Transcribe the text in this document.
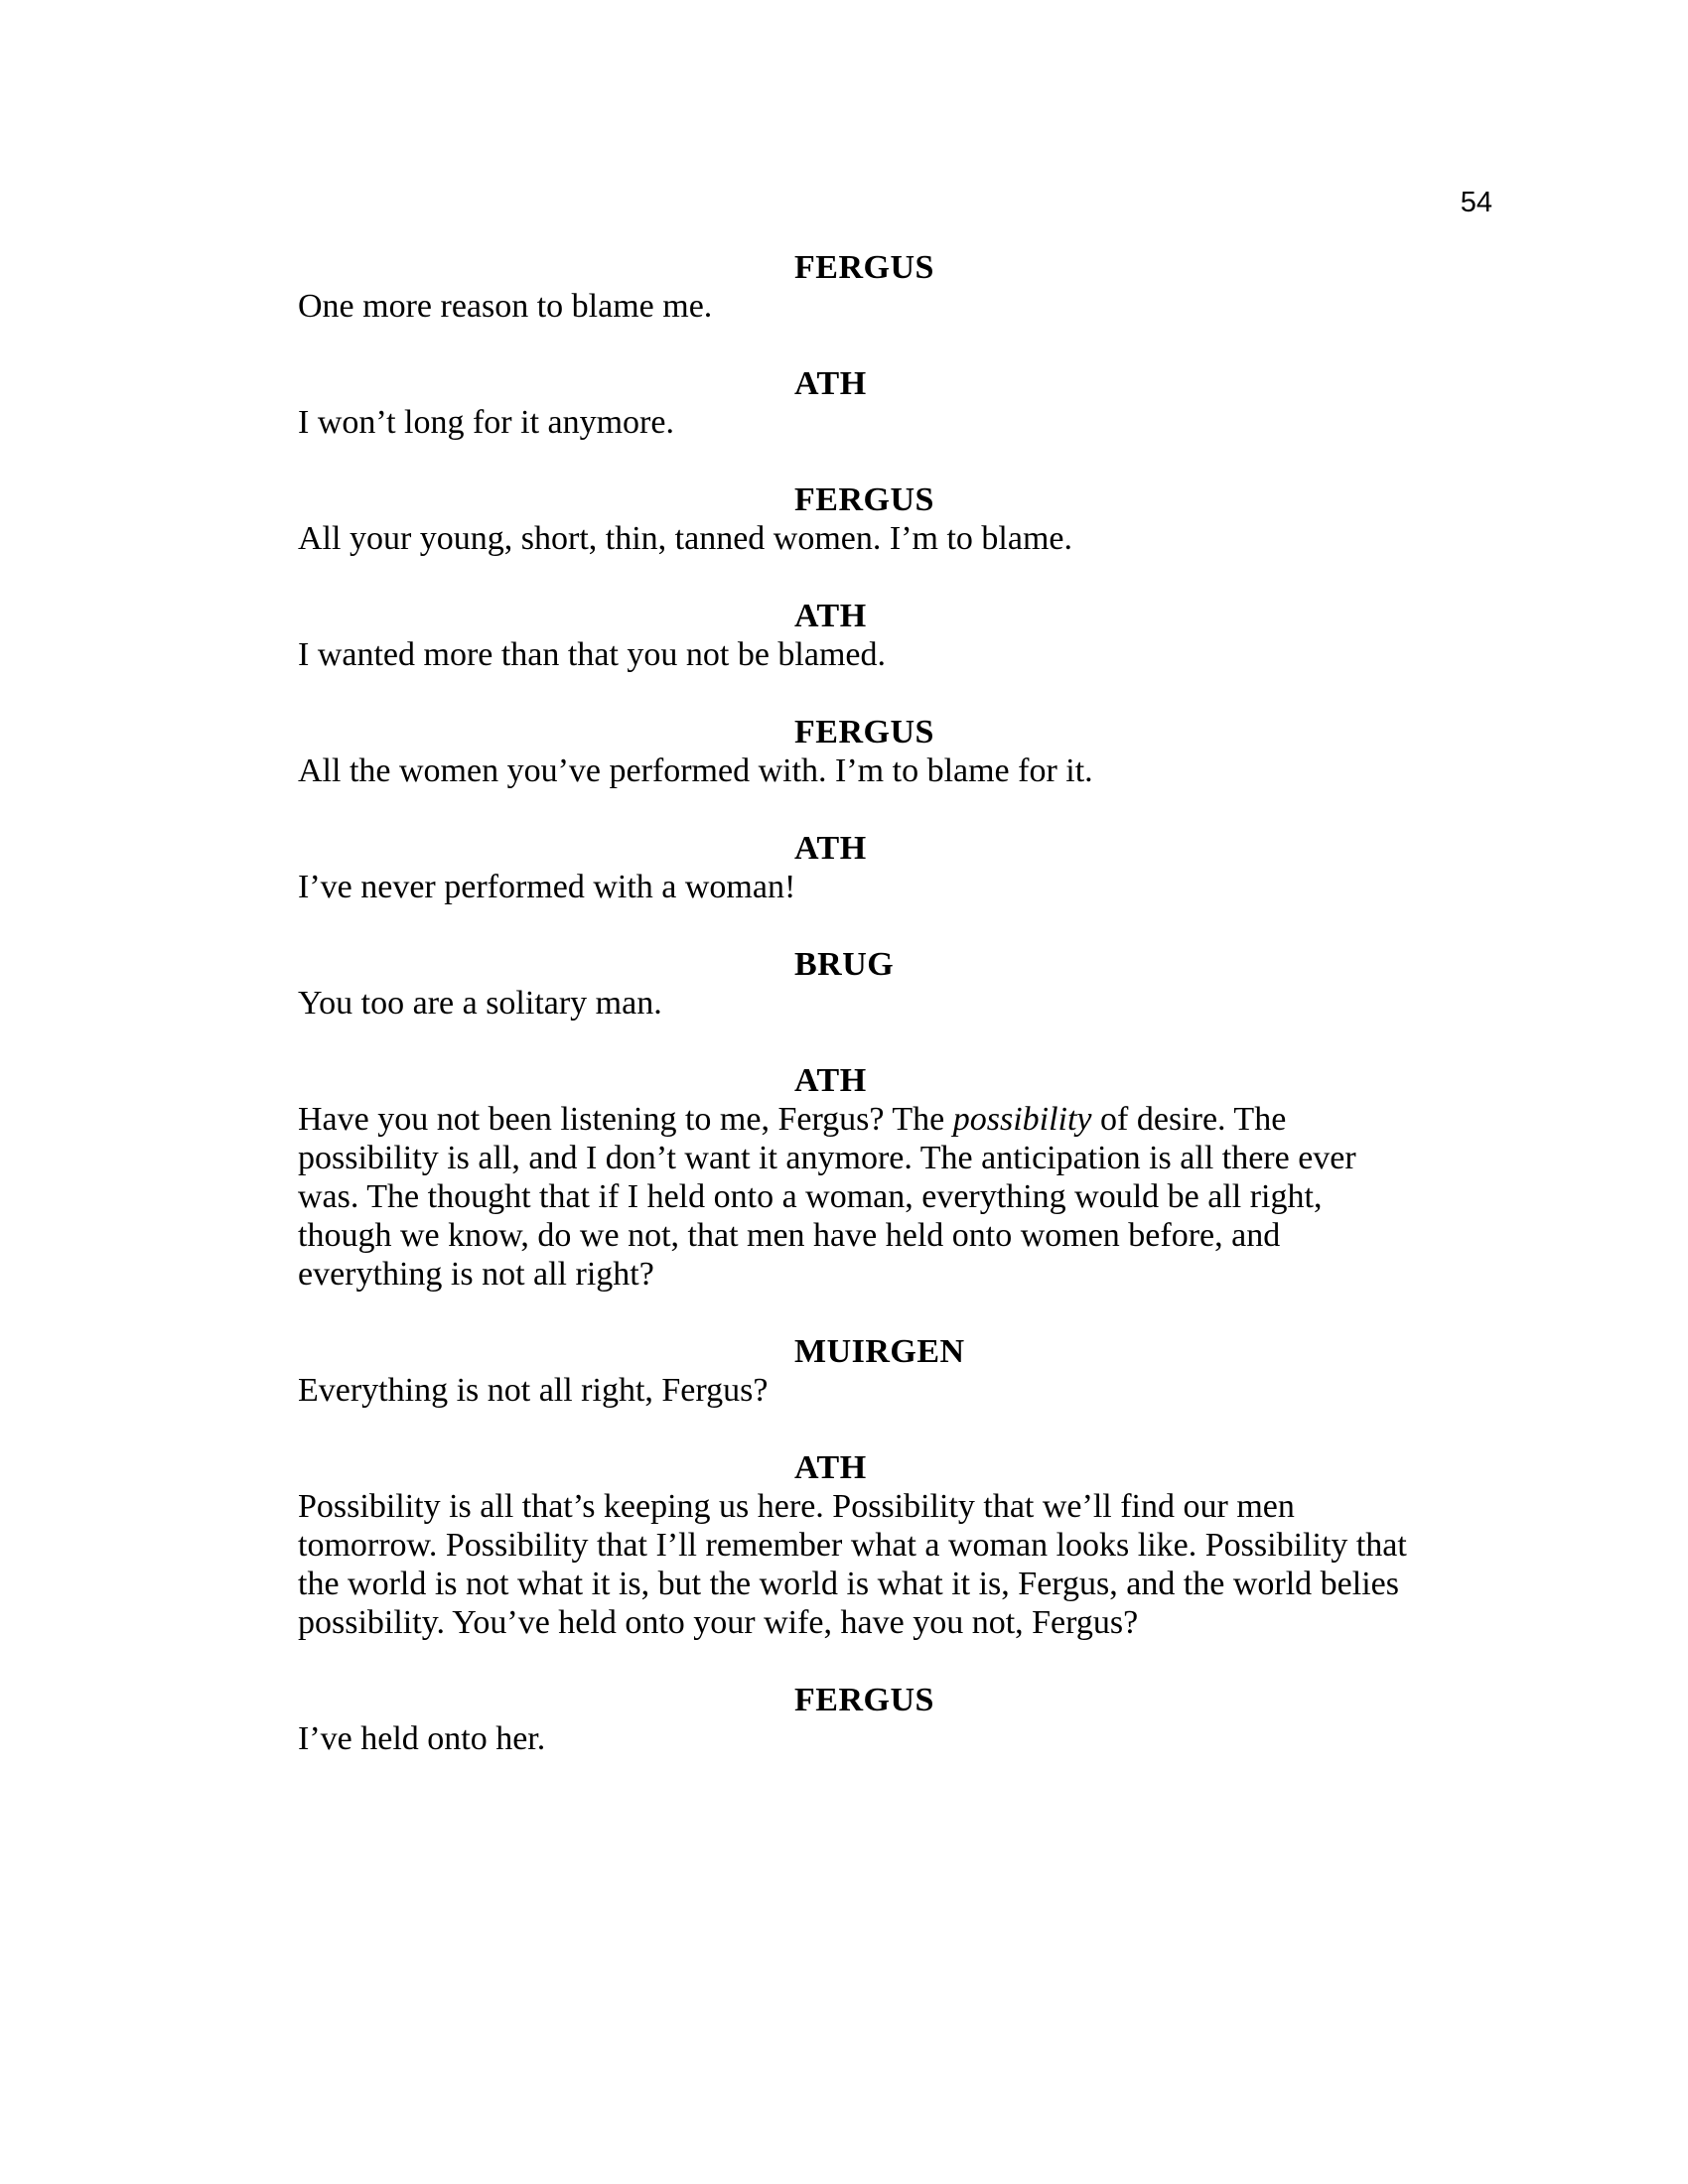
54
FERGUS
One more reason to blame me.
ATH
I won’t long for it anymore.
FERGUS
All your young, short, thin, tanned women. I’m to blame.
ATH
I wanted more than that you not be blamed.
FERGUS
All the women you’ve performed with. I’m to blame for it.
ATH
I’ve never performed with a woman!
BRUG
You too are a solitary man.
ATH
Have you not been listening to me, Fergus? The possibility of desire. The
possibility is all, and I don’t want it anymore. The anticipation is all there ever
was. The thought that if I held onto a woman, everything would be all right,
though we know, do we not, that men have held onto women before, and
everything is not all right?
MUIRGEN
Everything is not all right, Fergus?
ATH
Possibility is all that’s keeping us here. Possibility that we’ll find our men
tomorrow. Possibility that I’ll remember what a woman looks like. Possibility that
the world is not what it is, but the world is what it is, Fergus, and the world belies
possibility. You’ve held onto your wife, have you not, Fergus?
FERGUS
I’ve held onto her.
